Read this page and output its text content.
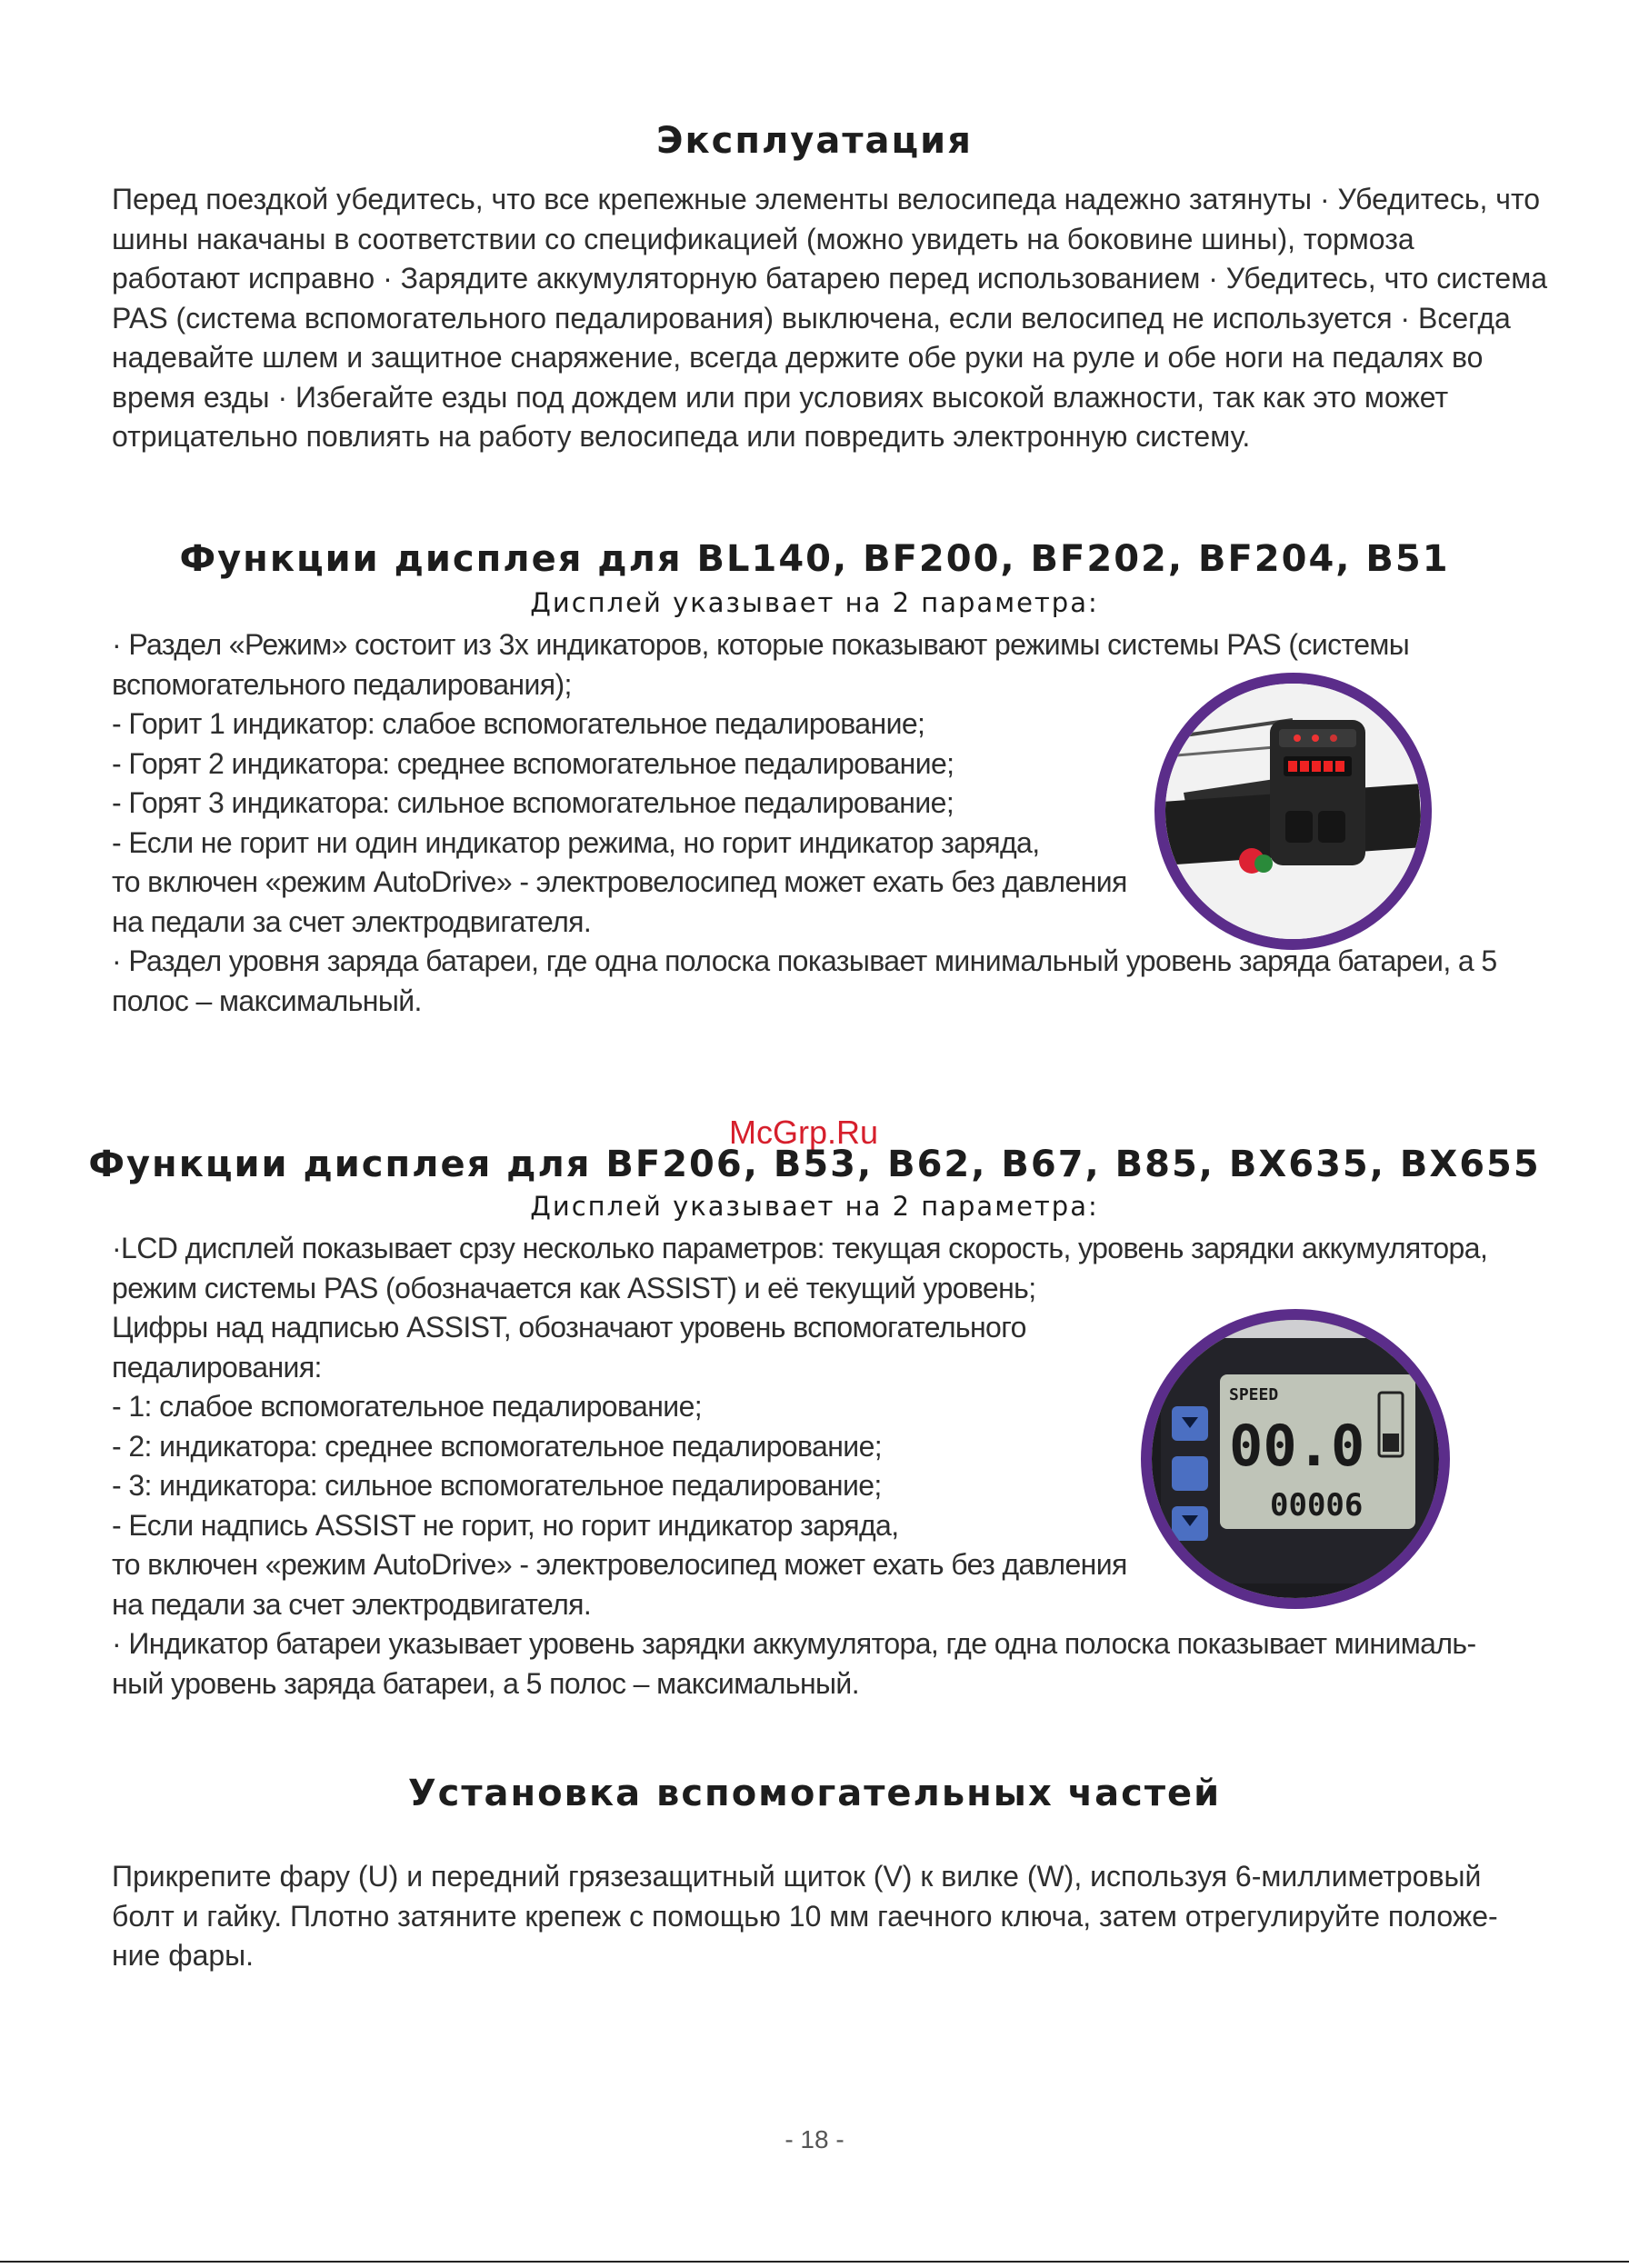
Эксплуатация
Перед поездкой убедитесь, что все крепежные элементы велосипеда надежно затянуты · Убедитесь, что
шины накачаны в соответствии со спецификацией (можно увидеть на боковине шины), тормоза
работают исправно · Зарядите аккумуляторную батарею перед использованием · Убедитесь, что система
PAS (система вспомогательного педалирования) выключена, если велосипед не используется · Всегда
надевайте шлем и защитное снаряжение, всегда держите обе руки на руле и обе ноги на педалях во
время езды · Избегайте езды под дождем или при условиях высокой влажности, так как это может
отрицательно повлиять на работу велосипеда или повредить электронную систему.
Функции дисплея для BL140, BF200, BF202, BF204, B51
Дисплей указывает на 2 параметра:
· Раздел «Режим» состоит из 3х индикаторов, которые показывают режимы системы PAS (системы
вспомогательного педалирования);
- Горит 1 индикатор: слабое вспомогательное педалирование;
- Горят 2 индикатора: среднее вспомогательное педалирование;
- Горят 3 индикатора: сильное вспомогательное педалирование;
- Если не горит ни один индикатор режима, но горит индикатор заряда,
то включен «режим AutoDrive» - электровелосипед может ехать без давления
на педали за счет электродвигателя.
· Раздел уровня заряда батареи, где одна полоска показывает минимальный уровень заряда батареи, а 5
полос – максимальный.
McGrp.Ru
Функции дисплея для BF206, B53, B62, B67, B85, BX635, BX655
Дисплей указывает на 2 параметра:
·LCD дисплей показывает срзу несколько параметров: текущая скорость, уровень зарядки аккумулятора,
режим системы PAS (обозначается как ASSIST) и её текущий уровень;
Цифры над надписью ASSIST, обозначают уровень вспомогательного
педалирования:
- 1: слабое вспомогательное педалирование;
- 2: индикатора: среднее вспомогательное педалирование;
- 3: индикатора: сильное вспомогательное педалирование;
- Если надпись ASSIST не горит, но горит индикатор заряда,
то включен «режим AutoDrive» - электровелосипед может ехать без давления
на педали за счет электродвигателя.
· Индикатор батареи указывает уровень зарядки аккумулятора, где одна полоска показывает минималь-
ный уровень заряда батареи, а 5 полос – максимальный.
SPEED
00.0
00006
Установка вспомогательных частей
Прикрепите фару (U) и передний грязезащитный щиток (V) к вилке (W), используя 6-миллиметровый
болт и гайку. Плотно затяните крепеж с помощью 10 мм гаечного ключа, затем отрегулируйте положе-
ние фары.
- 18 -
